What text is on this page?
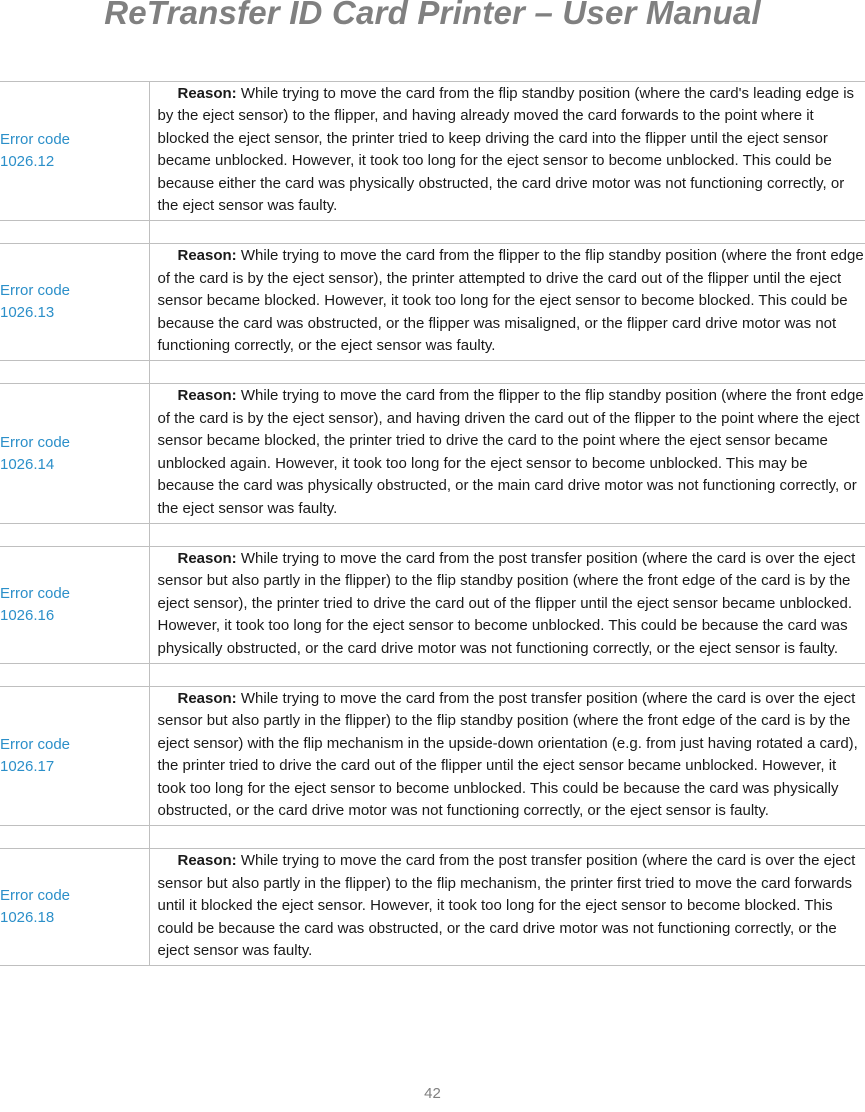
ReTransfer ID Card Printer – User Manual
Error code
1026.12	Reason: While trying to move the card from the flip standby position (where the card's leading edge is by the eject sensor) to the flipper, and having already moved the card forwards to the point where it blocked the eject sensor, the printer tried to keep driving the card into the flipper until the eject sensor became unblocked. However, it took too long for the eject sensor to become unblocked. This could be because either the card was physically obstructed, the card drive motor was not functioning correctly, or the eject sensor was faulty.

Error code
1026.13	Reason: While trying to move the card from the flipper to the flip standby position (where the front edge of the card is by the eject sensor), the printer attempted to drive the card out of the flipper until the eject sensor became blocked. However, it took too long for the eject sensor to become blocked. This could be because the card was obstructed, or the flipper was misaligned, or the flipper card drive motor was not functioning correctly, or the eject sensor was faulty.

Error code
1026.14	Reason: While trying to move the card from the flipper to the flip standby position (where the front edge of the card is by the eject sensor), and having driven the card out of the flipper to the point where the eject sensor became blocked, the printer tried to drive the card to the point where the eject sensor became unblocked again. However, it took too long for the eject sensor to become unblocked. This may be because the card was physically obstructed, or the main card drive motor was not functioning correctly, or the eject sensor was faulty.

Error code
1026.16	Reason: While trying to move the card from the post transfer position (where the card is over the eject sensor but also partly in the flipper) to the flip standby position (where the front edge of the card is by the eject sensor), the printer tried to drive the card out of the flipper until the eject sensor became unblocked. However, it took too long for the eject sensor to become unblocked. This could be because the card was physically obstructed, or the card drive motor was not functioning correctly, or the eject sensor is faulty.

Error code
1026.17	Reason: While trying to move the card from the post transfer position (where the card is over the eject sensor but also partly in the flipper) to the flip standby position (where the front edge of the card is by the eject sensor) with the flip mechanism in the upside-down orientation (e.g. from just having rotated a card), the printer tried to drive the card out of the flipper until the eject sensor became unblocked. However, it took too long for the eject sensor to become unblocked. This could be because the card was physically obstructed, or the card drive motor was not functioning correctly, or the eject sensor is faulty.

Error code
1026.18	Reason: While trying to move the card from the post transfer position (where the card is over the eject sensor but also partly in the flipper) to the flip mechanism, the printer first tried to move the card forwards until it blocked the eject sensor. However, it took too long for the eject sensor to become blocked. This could be because the card was obstructed, or the card drive motor was not functioning correctly, or the eject sensor was faulty.
42
